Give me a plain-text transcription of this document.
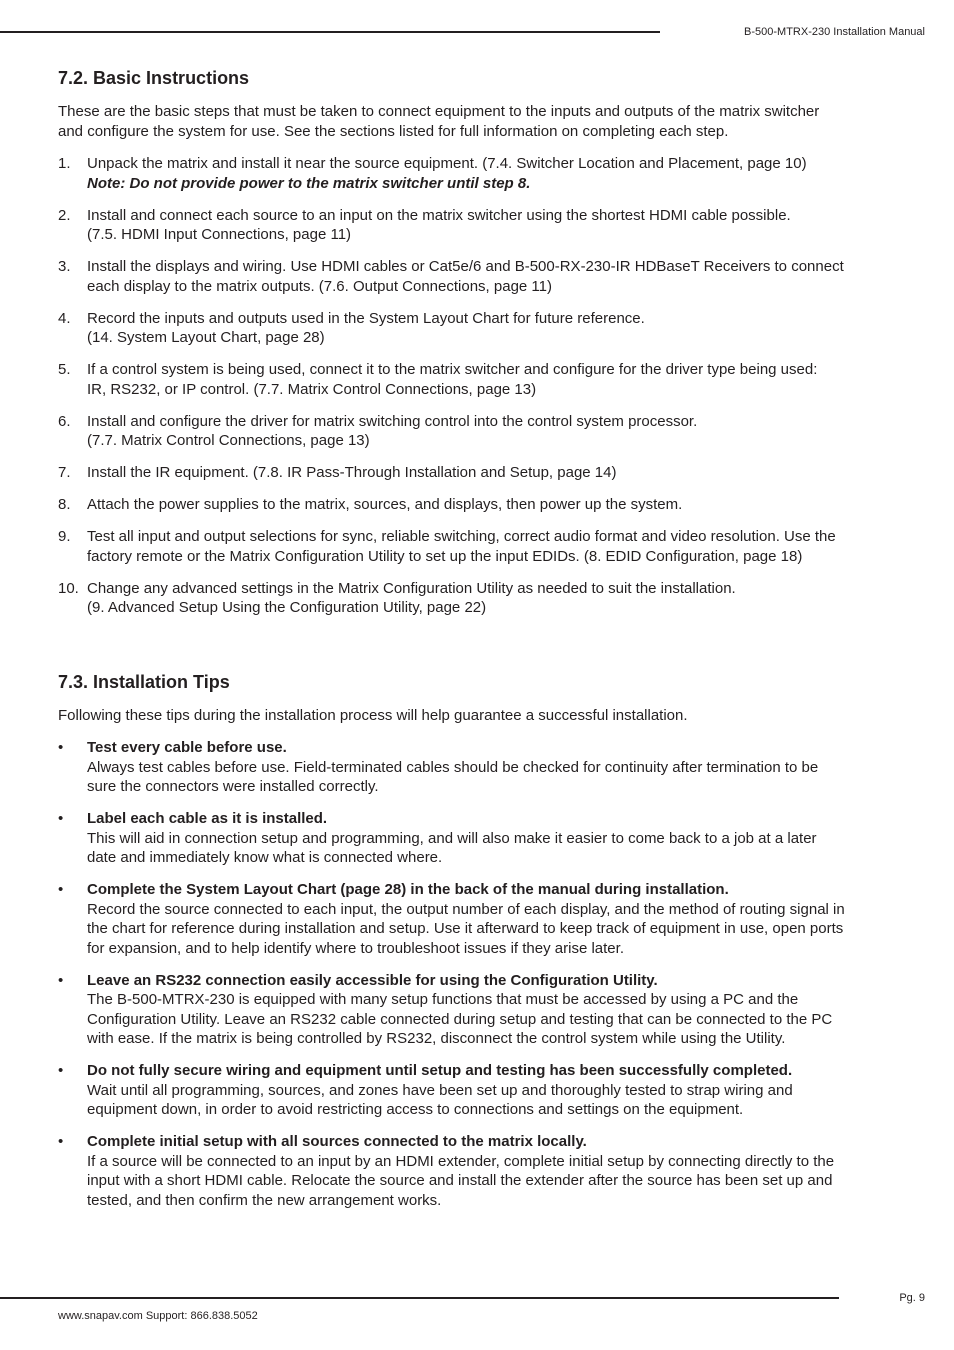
B-500-MTRX-230 Installation Manual
7.2. Basic Instructions

These are the basic steps that must be taken to connect equipment to the inputs and outputs of the matrix switcher
and configure the system for use. See the sections listed for full information on completing each step.

1. Unpack the matrix and install it near the source equipment. (7.4. Switcher Location and Placement, page 10)
Note: Do not provide power to the matrix switcher until step 8.
2. Install and connect each source to an input on the matrix switcher using the shortest HDMI cable possible.
(7.5. HDMI Input Connections, page 11)
3. Install the displays and wiring. Use HDMI cables or Cat5e/6 and B-500-RX-230-IR HDBaseT Receivers to connect
each display to the matrix outputs. (7.6. Output Connections, page 11)
4. Record the inputs and outputs used in the System Layout Chart for future reference.
(14. System Layout Chart, page 28)
5. If a control system is being used, connect it to the matrix switcher and configure for the driver type being used:
IR, RS232, or IP control. (7.7. Matrix Control Connections, page 13)
6. Install and configure the driver for matrix switching control into the control system processor.
(7.7. Matrix Control Connections, page 13)
7. Install the IR equipment. (7.8. IR Pass-Through Installation and Setup, page 14)
8. Attach the power supplies to the matrix, sources, and displays, then power up the system.
9. Test all input and output selections for sync, reliable switching, correct audio format and video resolution. Use the
factory remote or the Matrix Configuration Utility to set up the input EDIDs. (8. EDID Configuration, page 18)
10. Change any advanced settings in the Matrix Configuration Utility as needed to suit the installation.
(9. Advanced Setup Using the Configuration Utility, page 22)
7.3. Installation Tips

Following these tips during the installation process will help guarantee a successful installation.

• Test every cable before use.
Always test cables before use. Field-terminated cables should be checked for continuity after termination to be
sure the connectors were installed correctly.
• Label each cable as it is installed.
This will aid in connection setup and programming, and will also make it easier to come back to a job at a later
date and immediately know what is connected where.
• Complete the System Layout Chart (page 28) in the back of the manual during installation.
Record the source connected to each input, the output number of each display, and the method of routing signal in
the chart for reference during installation and setup. Use it afterward to keep track of equipment in use, open ports
for expansion, and to help identify where to troubleshoot issues if they arise later.
• Leave an RS232 connection easily accessible for using the Configuration Utility.
The B-500-MTRX-230 is equipped with many setup functions that must be accessed by using a PC and the
Configuration Utility. Leave an RS232 cable connected during setup and testing that can be connected to the PC
with ease. If the matrix is being controlled by RS232, disconnect the control system while using the Utility.
• Do not fully secure wiring and equipment until setup and testing has been successfully completed.
Wait until all programming, sources, and zones have been set up and thoroughly tested to strap wiring and
equipment down, in order to avoid restricting access to connections and settings on the equipment.
• Complete initial setup with all sources connected to the matrix locally.
If a source will be connected to an input by an HDMI extender, complete initial setup by connecting directly to the
input with a short HDMI cable. Relocate the source and install the extender after the source has been set up and
tested, and then confirm the new arrangement works.
Pg. 9
www.snapav.com Support: 866.838.5052
